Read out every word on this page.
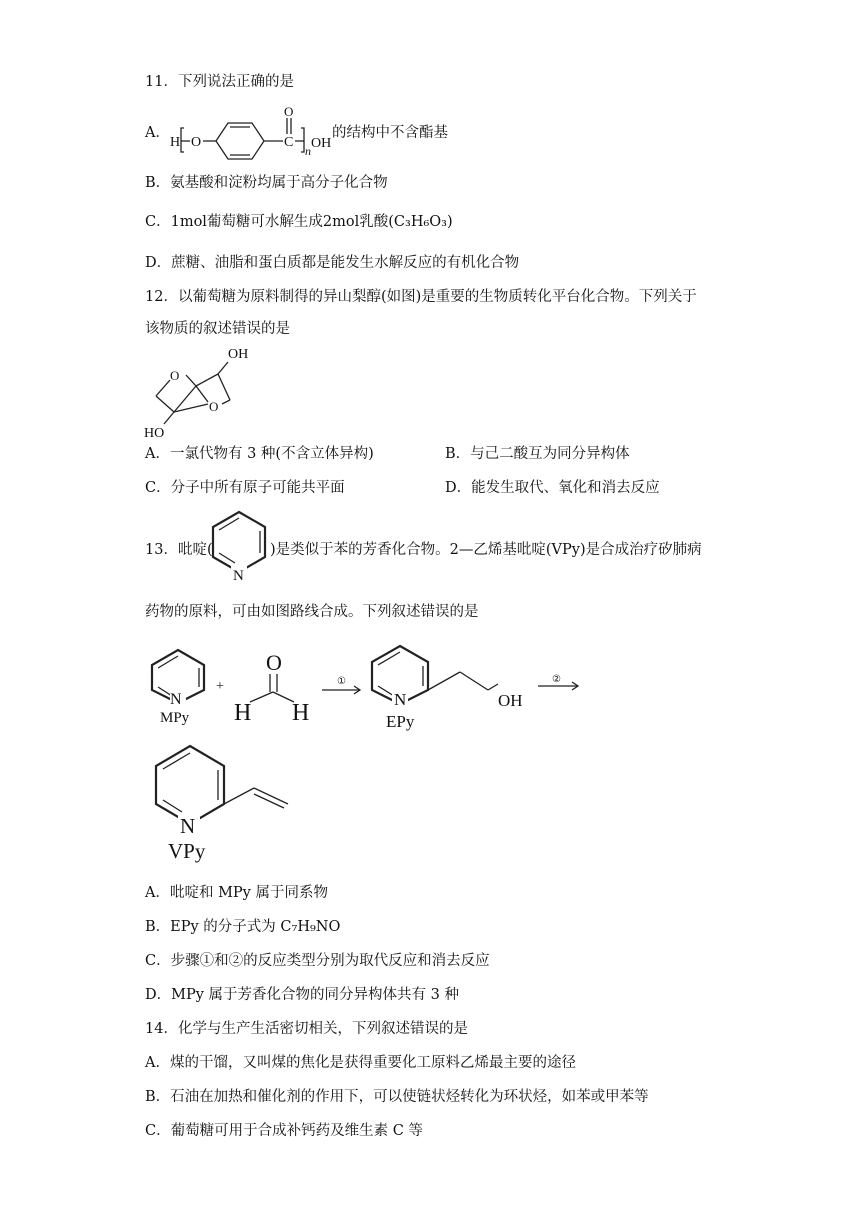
11．下列说法正确的是
A．
H O	C
O
n OH
的结构中不含酯基
B．氨基酸和淀粉均属于高分子化合物
C．1mol葡萄糖可水解生成2mol乳酸(C₃H₆O₃)
D．蔗糖、油脂和蛋白质都是能发生水解反应的有机化合物
12．以葡萄糖为原料制得的异山梨醇(如图)是重要的生物质转化平台化合物。下列关于
该物质的叙述错误的是
OH
O
O
HO
A．一氯代物有 3 种(不含立体异构)	B．与己二酸互为同分异构体
C．分子中所有原子可能共平面	D．能发生取代、氧化和消去反应
13．吡啶(
N
)是类似于苯的芳香化合物。2—乙烯基吡啶(VPy)是合成治疗矽肺病
药物的原料，可由如图路线合成。下列叙述错误的是
N
MPy
+
O
H H
①
N
EPy
OH
②
N
VPy
A．吡啶和 MPy 属于同系物
B．EPy 的分子式为 C₇H₉NO
C．步骤①和②的反应类型分别为取代反应和消去反应
D．MPy 属于芳香化合物的同分异构体共有 3 种
14．化学与生产生活密切相关，下列叙述错误的是
A．煤的干馏，又叫煤的焦化是获得重要化工原料乙烯最主要的途径
B．石油在加热和催化剂的作用下，可以使链状烃转化为环状烃，如苯或甲苯等
C．葡萄糖可用于合成补钙药及维生素 C 等
